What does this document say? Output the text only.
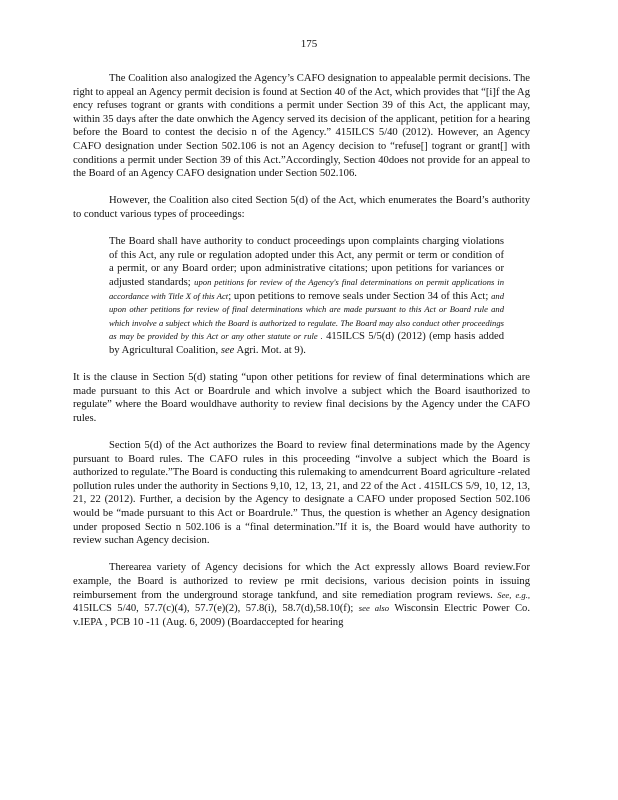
175

The Coalition also analogized the Agency’s CAFO designation to appealable permit decisions. The right to appeal an Agency permit decision is found at Section 40 of the Act, which provides that “[i]f the Ag ency refuses togrant or grants with conditions a permit under Section 39 of this Act, the applicant may, within 35 days after the date onwhich the Agency served its decision of the applicant, petition for a hearing before the Board to contest the decisio n of the Agency.” 415ILCS 5/40 (2012). However, an Agency CAFO designation under Section 502.106 is not an Agency decision to “refuse[] togrant or grant[] with conditions a permit under Section 39 of this Act.”Accordingly, Section 40does not provide for an appeal to the Board of an Agency CAFO designation under Section 502.106.

However, the Coalition also cited Section 5(d) of the Act, which enumerates the Board’s authority to conduct various types of proceedings:

The Board shall have authority to conduct proceedings upon complaints charging violations of this Act, any rule or regulation adopted under this Act, any permit or term or condition of a permit, or any Board order; upon administrative citations; upon petitions for variances or adjusted standards; upon petitions for review of the Agency's final determinations on permit applications in accordance with Title X of this Act; upon petitions to remove seals under Section 34 of this Act; and upon other petitions for review of final determinations which are made pursuant to this Act or Board rule and which involve a subject which the Board is authorized to regulate. The Board may also conduct other proceedings as may be provided by this Act or any other statute or rule . 415ILCS 5/5(d) (2012) (emp hasis added by Agricultural Coalition, see Agri. Mot. at 9).

It is the clause in Section 5(d) stating “upon other petitions for review of final determinations which are made pursuant to this Act or Boardrule and which involve a subject which the Board isauthorized to regulate” where the Board wouldhave authority to review final decisions by the Agency under the CAFO rules.

Section 5(d) of the Act authorizes the Board to review final determinations made by the Agency pursuant to Board rules. The CAFO rules in this proceeding “involve a subject which the Board is authorized to regulate.”The Board is conducting this rulemaking to amendcurrent Board agriculture -related pollution rules under the authority in Sections 9,10, 12, 13, 21, and 22 of the Act . 415ILCS 5/9, 10, 12, 13, 21, 22 (2012). Further, a decision by the Agency to designate a CAFO under proposed Section 502.106 would be “made pursuant to this Act or Boardrule.” Thus, the question is whether an Agency designation under proposed Sectio n 502.106 is a “final determination.”If it is, the Board would have authority to review suchan Agency decision.

Therearea variety of Agency decisions for which the Act expressly allows Board review.For example, the Board is authorized to review pe rmit decisions, various decision points in issuing reimbursement from the underground storage tankfund, and site remediation program reviews. See, e.g., 415ILCS 5/40, 57.7(c)(4), 57.7(e)(2), 57.8(i), 58.7(d),58.10(f); see also Wisconsin Electric Power Co. v.IEPA , PCB 10 -11 (Aug. 6, 2009) (Boardaccepted for hearing
